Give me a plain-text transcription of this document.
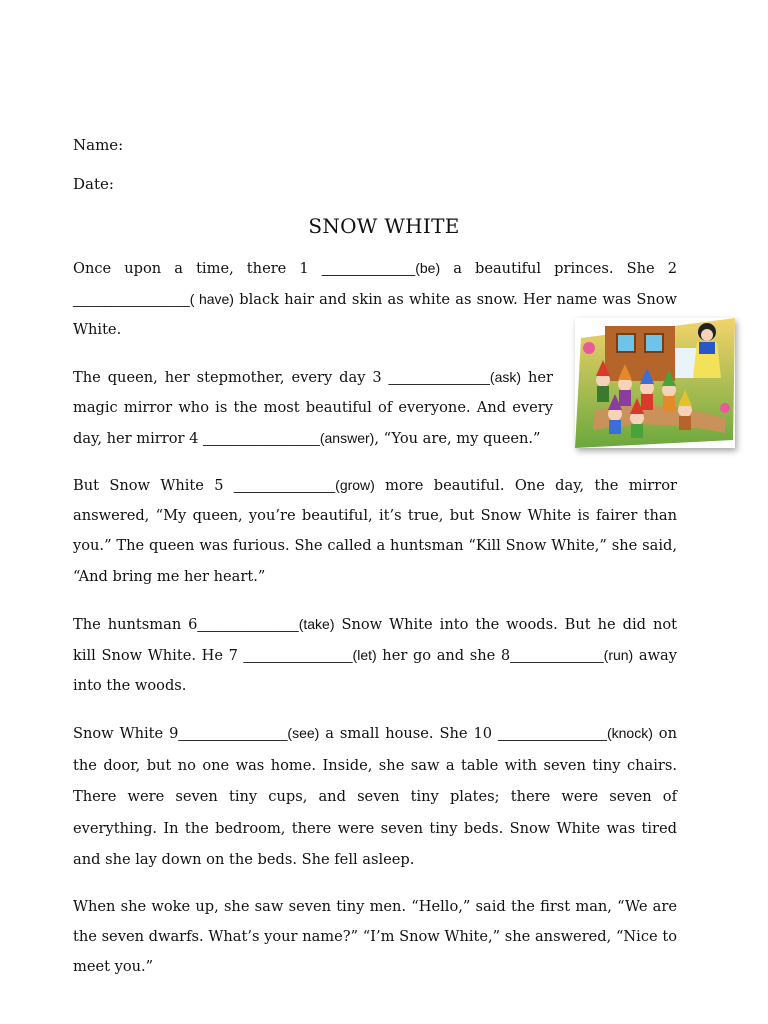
Name:
Date:
SNOW WHITE

Once upon a time, there 1 ____________(be) a beautiful princes. She 2 _______________( have) black hair and skin as white as snow. Her name was Snow White.

The queen, her stepmother, every day 3 _____________(ask) her magic mirror who is the most beautiful of everyone. And every day, her mirror 4 _______________(answer), “You are, my queen.”

But Snow White 5 _____________(grow) more beautiful. One day, the mirror answered, “My queen, you’re beautiful, it’s true, but Snow White is fairer than you.” The queen was furious. She called a huntsman “Kill Snow White,” she said, “And bring me her heart.”

The huntsman 6_____________(take) Snow White into the woods. But he did not kill Snow White. He 7 ______________(let) her go and she 8____________(run) away into the woods.

Snow White 9______________(see) a small house. She 10 ______________(knock) on the door, but no one was home. Inside, she saw a table with seven tiny chairs. There were seven tiny cups, and seven tiny plates; there were seven of everything. In the bedroom, there were seven tiny beds. Snow White was tired and she lay down on the beds. She fell asleep.

When she woke up, she saw seven tiny men. “Hello,” said the first man, “We are the seven dwarfs. What’s your name?” “I’m Snow White,” she answered, “Nice to meet you.”
